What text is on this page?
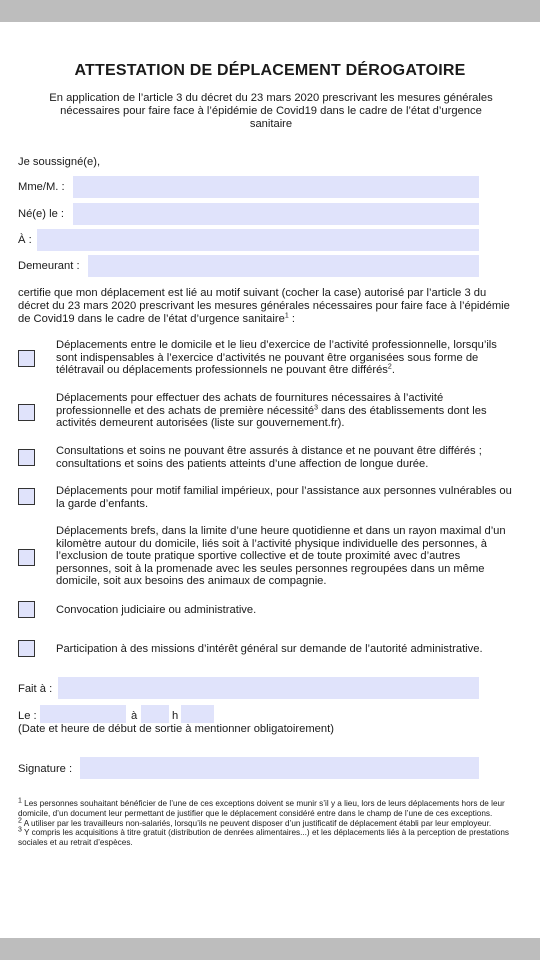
ATTESTATION DE DÉPLACEMENT DÉROGATOIRE
En application de l’article 3 du décret du 23 mars 2020 prescrivant les mesures générales nécessaires pour faire face à l’épidémie de Covid19 dans le cadre de l’état d’urgence sanitaire
Je soussigné(e),
Mme/M. :
Né(e) le :
À :
Demeurant :
certifie que mon déplacement est lié au motif suivant (cocher la case) autorisé par l’article 3 du décret du 23 mars 2020 prescrivant les mesures générales nécessaires pour faire face à l’épidémie de Covid19 dans le cadre de l’état d’urgence sanitaire$^1$ :
Déplacements entre le domicile et le lieu d’exercice de l’activité professionnelle, lorsqu’ils sont indispensables à l’exercice d’activités ne pouvant être organisées sous forme de télétravail ou déplacements professionnels ne pouvant être différés$^2$.
Déplacements pour effectuer des achats de fournitures nécessaires à l’activité professionnelle et des achats de première nécessité$^3$ dans des établissements dont les activités demeurent autorisées (liste sur gouvernement.fr).
Consultations et soins ne pouvant être assurés à distance et ne pouvant être différés ; consultations et soins des patients atteints d’une affection de longue durée.
Déplacements pour motif familial impérieux, pour l’assistance aux personnes vulnérables ou la garde d’enfants.
Déplacements brefs, dans la limite d’une heure quotidienne et dans un rayon maximal d’un kilomètre autour du domicile, liés soit à l’activité physique individuelle des personnes, à l’exclusion de toute pratique sportive collective et de toute proximité avec d’autres personnes, soit à la promenade avec les seules personnes regroupées dans un même domicile, soit aux besoins des animaux de compagnie.
Convocation judiciaire ou administrative.
Participation à des missions d’intérêt général sur demande de l’autorité administrative.
Fait à :
Le :	à	h
(Date et heure de début de sortie à mentionner obligatoirement)
Signature :
$^1$ Les personnes souhaitant bénéficier de l’une de ces exceptions doivent se munir s’il y a lieu, lors de leurs déplacements hors de leur domicile, d’un document leur permettant de justifier que le déplacement considéré entre dans le champ de l’une de ces exceptions.
$^2$ A utiliser par les travailleurs non-salariés, lorsqu’ils ne peuvent disposer d’un justificatif de déplacement établi par leur employeur.
$^3$ Y compris les acquisitions à titre gratuit (distribution de denrées alimentaires...) et les déplacements liés à la perception de prestations sociales et au retrait d’espèces.
